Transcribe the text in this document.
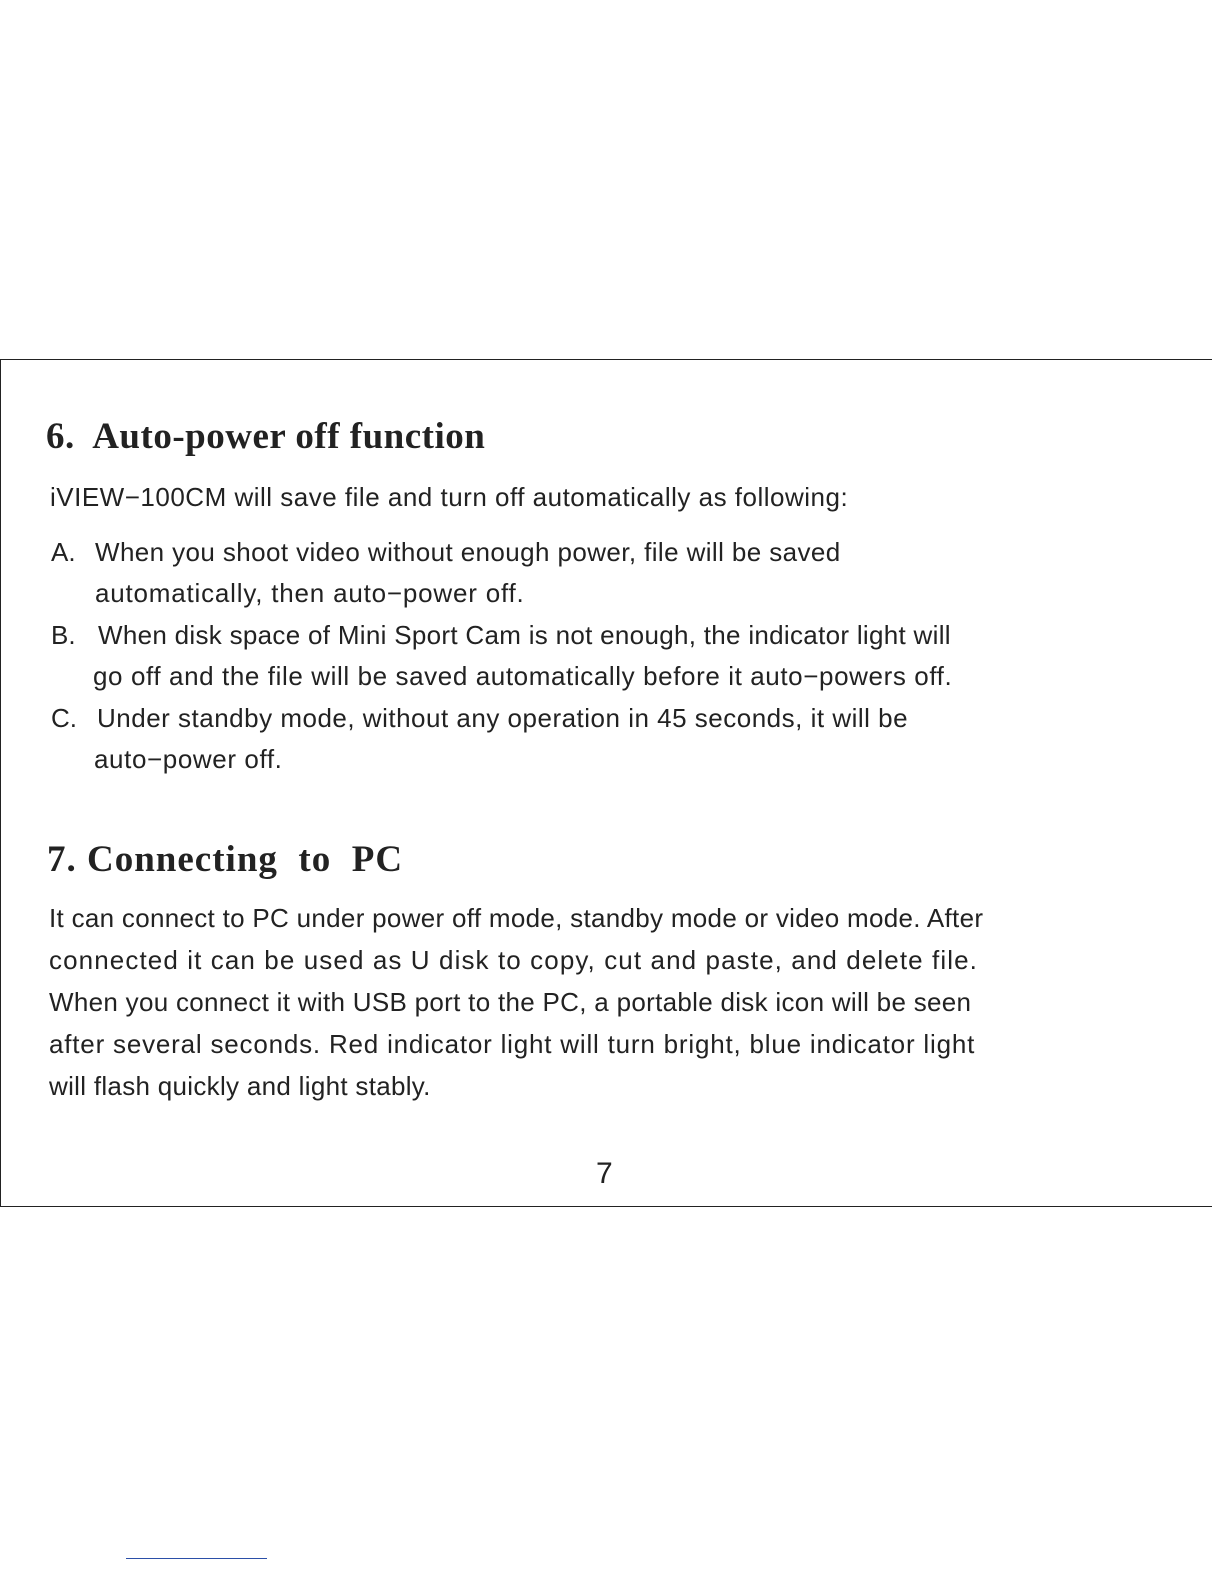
6.  Auto-power off function

iVIEW−100CM will save file and turn off automatically as following:

A. When you shoot video without enough power, file will be saved
automatically, then auto−power off.
B. When disk space of Mini Sport Cam is not enough, the indicator light will
go off and the file will be saved automatically before it auto−powers off.
C. Under standby mode, without any operation in 45 seconds, it will be
auto−power off.
7. Connecting  to  PC

It can connect to PC under power off mode, standby mode or video mode. After

connected it can be used as U disk to copy, cut and paste, and delete file.

When you connect it with USB port to the PC, a portable disk icon will be seen

after several seconds. Red indicator light will turn bright, blue indicator light

will flash quickly and light stably.

7
